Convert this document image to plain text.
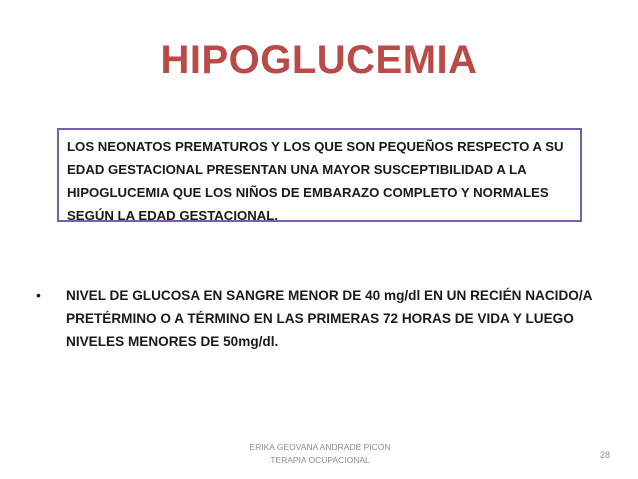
HIPOGLUCEMIA
LOS NEONATOS PREMATUROS Y LOS QUE SON PEQUEÑOS RESPECTO A SU EDAD GESTACIONAL PRESENTAN UNA MAYOR SUSCEPTIBILIDAD A LA HIPOGLUCEMIA QUE LOS NIÑOS DE EMBARAZO COMPLETO Y NORMALES SEGÚN LA EDAD GESTACIONAL.
• NIVEL DE GLUCOSA EN SANGRE MENOR DE 40 mg/dl EN UN RECIÉN NACIDO/A PRETÉRMINO O A TÉRMINO EN LAS PRIMERAS 72 HORAS DE VIDA Y LUEGO NIVELES MENORES DE 50mg/dl.
ERIKA GEOVANA ANDRADE PICON
TERAPIA OCUPACIONAL	28
